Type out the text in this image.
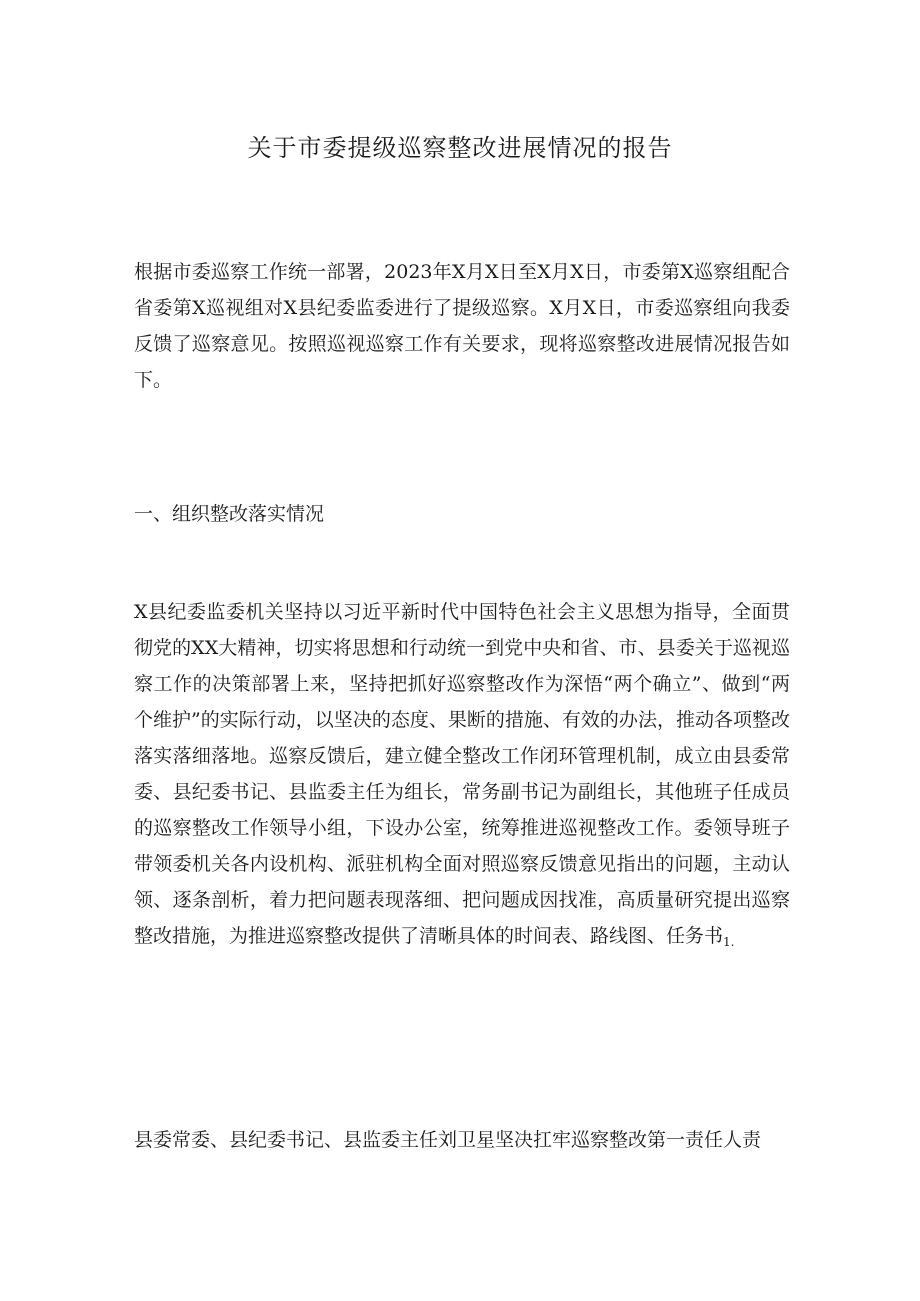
关于市委提级巡察整改进展情况的报告

根据市委巡察工作统一部署，2023年X月X日至X月X日，市委第X巡察组配合省委第X巡视组对X县纪委监委进行了提级巡察。X月X日，市委巡察组向我委反馈了巡察意见。按照巡视巡察工作有关要求，现将巡察整改进展情况报告如下。

一、组织整改落实情况

X县纪委监委机关坚持以习近平新时代中国特色社会主义思想为指导，全面贯彻党的XX大精神，切实将思想和行动统一到党中央和省、市、县委关于巡视巡察工作的决策部署上来，坚持把抓好巡察整改作为深悟“两个确立”、做到“两个维护”的实际行动，以坚决的态度、果断的措施、有效的办法，推动各项整改落实落细落地。巡察反馈后，建立健全整改工作闭环管理机制，成立由县委常委、县纪委书记、县监委主任为组长，常务副书记为副组长，其他班子任成员的巡察整改工作领导小组，下设办公室，统筹推进巡视整改工作。委领导班子带领委机关各内设机构、派驻机构全面对照巡察反馈意见指出的问题，主动认领、逐条剖析，着力把问题表现落细、把问题成因找准，高质量研究提出巡察整改措施，为推进巡察整改提供了清晰具体的时间表、路线图、任务书$_{1.}$

县委常委、县纪委书记、县监委主任刘卫星坚决扛牢巡察整改第一责任人责
